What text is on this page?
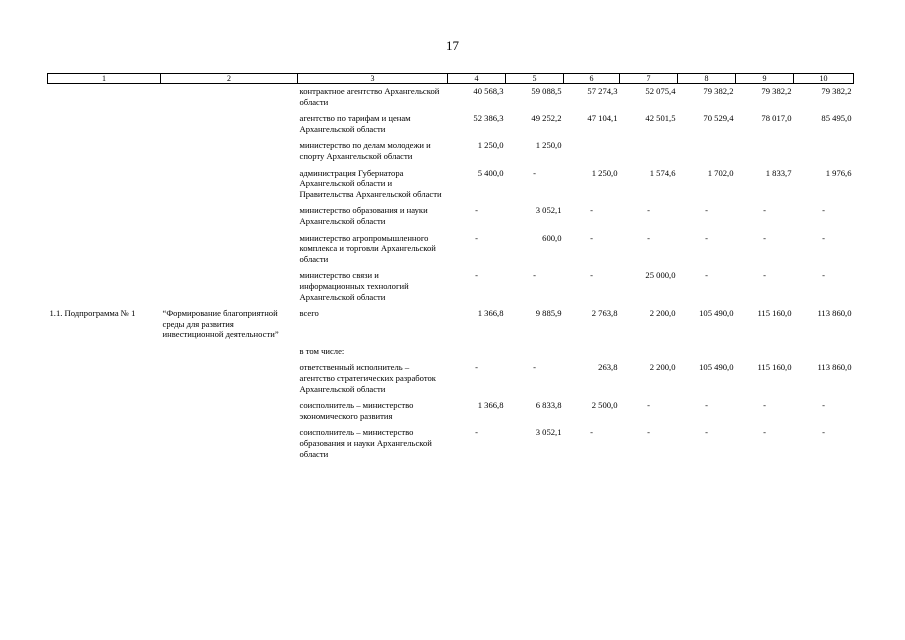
17
1	2	3	4	5	6	7	8	9	10

		контрактное агентство Архангельской области	40 568,3	59 088,5	57 274,3	52 075,4	79 382,2	79 382,2	79 382,2
		агентство по тарифам и ценам Архангельской области	52 386,3	49 252,2	47 104,1	42 501,5	70 529,4	78 017,0	85 495,0
		министерство по делам молодежи и спорту Архангельской области	1 250,0	1 250,0					
		администрация Губернатора Архангельской области и Правительства Архангельской области	5 400,0	-	1 250,0	1 574,6	1 702,0	1 833,7	1 976,6
		министерство образования и науки Архангельской области	-	3 052,1	-	-	-	-	-
		министерство агропромышленного комплекса и торговли Архангельской области	-	600,0	-	-	-	-	-
		министерство связи и информационных технологий Архангельской области	-	-	-	25 000,0	-	-	-
1.1. Подпрограмма № 1	“Формирование благоприятной среды для развития инвестиционной деятельности”	всего	1 366,8	9 885,9	2 763,8	2 200,0	105 490,0	115 160,0	113 860,0
		в том числе:							
		ответственный исполнитель – агентство стратегических разработок Архангельской области	-	-	263,8	2 200,0	105 490,0	115 160,0	113 860,0
		соисполнитель – министерство экономического развития	1 366,8	6 833,8	2 500,0	-	-	-	-
		соисполнитель – министерство образования и науки Архангельской области	-	3 052,1	-	-	-	-	-
